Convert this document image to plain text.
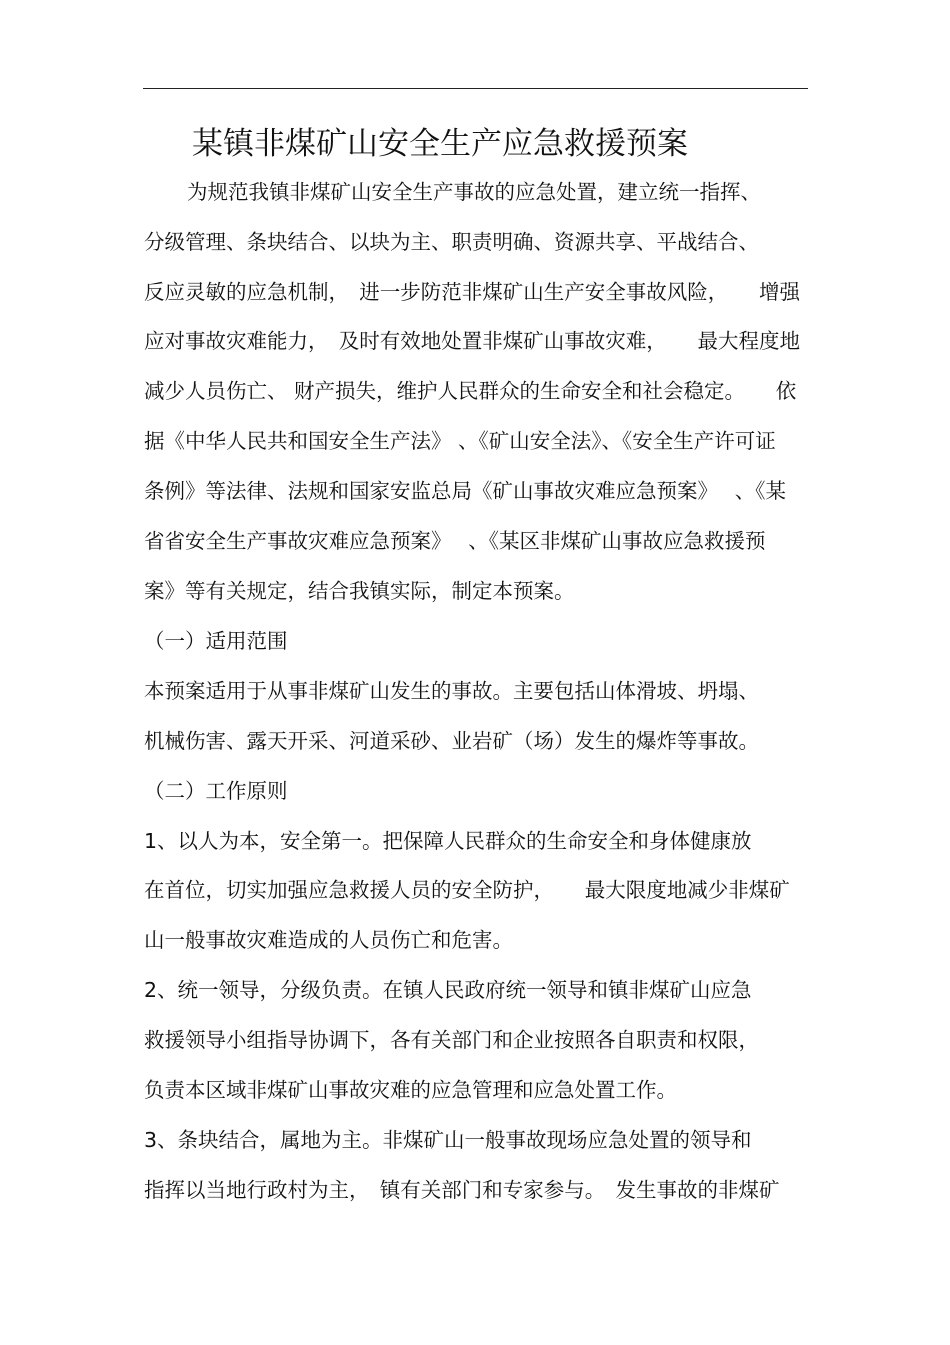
某镇非煤矿山安全生产应急救援预案

为规范我镇非煤矿山安全生产事故的应急处置，建立统一指挥、

分级管理、条块结合、以块为主、职责明确、资源共享、平战结合、

反应灵敏的应急机制，　进一步防范非煤矿山生产安全事故风险，　　增强

应对事故灾难能力，　及时有效地处置非煤矿山事故灾难，　　最大程度地

减少人员伤亡、 财产损失，维护人民群众的生命安全和社会稳定。　　依

据《中华人民共和国安全生产法》 、《矿山安全法》、《安全生产许可证

条例》等法律、法规和国家安监总局《矿山事故灾难应急预案》　 、《某

省省安全生产事故灾难应急预案》　 、《某区非煤矿山事故应急救援预

案》等有关规定，结合我镇实际，制定本预案。

（一）适用范围

本预案适用于从事非煤矿山发生的事故。主要包括山体滑坡、坍塌、

机械伤害、露天开采、河道采砂、业岩矿（场）发生的爆炸等事故。

（二）工作原则

1、以人为本，安全第一。把保障人民群众的生命安全和身体健康放

在首位，切实加强应急救援人员的安全防护，　　最大限度地减少非煤矿

山一般事故灾难造成的人员伤亡和危害。

2、统一领导，分级负责。在镇人民政府统一领导和镇非煤矿山应急

救援领导小组指导协调下，各有关部门和企业按照各自职责和权限，

负责本区域非煤矿山事故灾难的应急管理和应急处置工作。

3、条块结合，属地为主。非煤矿山一般事故现场应急处置的领导和

指挥以当地行政村为主，　镇有关部门和专家参与。　发生事故的非煤矿
